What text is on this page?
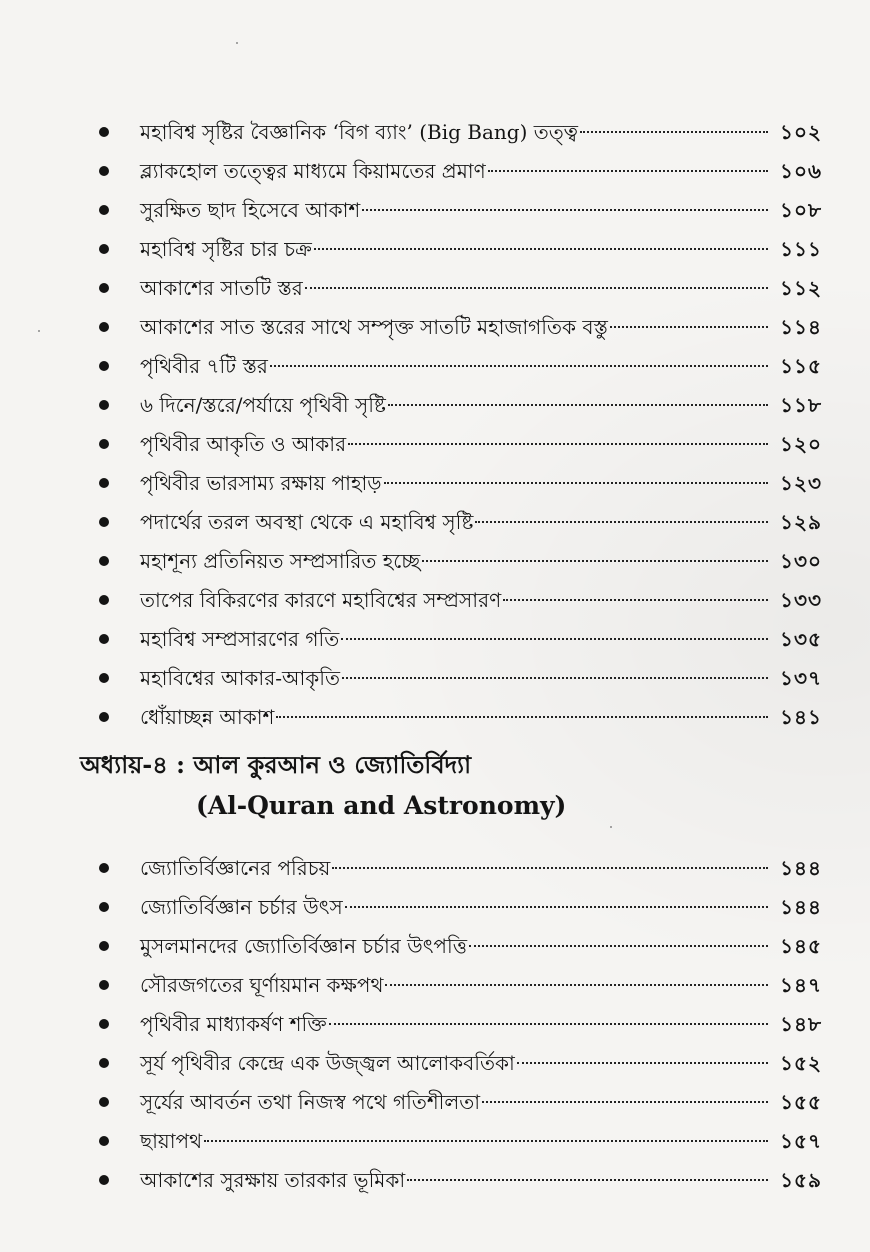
মহাবিশ্ব সৃষ্টির বৈজ্ঞানিক ‘বিগ ব্যাং’ (Big Bang) তত্ত্ব	১০২
ব্ল্যাকহোল তত্ত্বের মাধ্যমে কিয়ামতের প্রমাণ	১০৬
সুরক্ষিত ছাদ হিসেবে আকাশ	১০৮
মহাবিশ্ব সৃষ্টির চার চক্র	১১১
আকাশের সাতটি স্তর	১১২
আকাশের সাত স্তরের সাথে সম্পৃক্ত সাতটি মহাজাগতিক বস্তু	১১৪
পৃথিবীর ৭টি স্তর	১১৫
৬ দিনে/স্তরে/পর্যায়ে পৃথিবী সৃষ্টি	১১৮
পৃথিবীর আকৃতি ও আকার	১২০
পৃথিবীর ভারসাম্য রক্ষায় পাহাড়	১২৩
পদার্থের তরল অবস্থা থেকে এ মহাবিশ্ব সৃষ্টি	১২৯
মহাশূন্য প্রতিনিয়ত সম্প্রসারিত হচ্ছে	১৩০
তাপের বিকিরণের কারণে মহাবিশ্বের সম্প্রসারণ	১৩৩
মহাবিশ্ব সম্প্রসারণের গতি	১৩৫
মহাবিশ্বের আকার-আকৃতি	১৩৭
ধোঁয়াচ্ছন্ন আকাশ	১৪১
অধ্যায়-৪ : আল কুরআন ও জ্যোতির্বিদ্যা
(Al-Quran and Astronomy)
জ্যোতির্বিজ্ঞানের পরিচয়	১৪৪
জ্যোতির্বিজ্ঞান চর্চার উৎস	১৪৪
মুসলমানদের জ্যোতির্বিজ্ঞান চর্চার উৎপত্তি	১৪৫
সৌরজগতের ঘূর্ণায়মান কক্ষপথ	১৪৭
পৃথিবীর মাধ্যাকর্ষণ শক্তি	১৪৮
সূর্য পৃথিবীর কেন্দ্রে এক উজ্জ্বল আলোকবর্তিকা	১৫২
সূর্যের আবর্তন তথা নিজস্ব পথে গতিশীলতা	১৫৫
ছায়াপথ	১৫৭
আকাশের সুরক্ষায় তারকার ভূমিকা	১৫৯
